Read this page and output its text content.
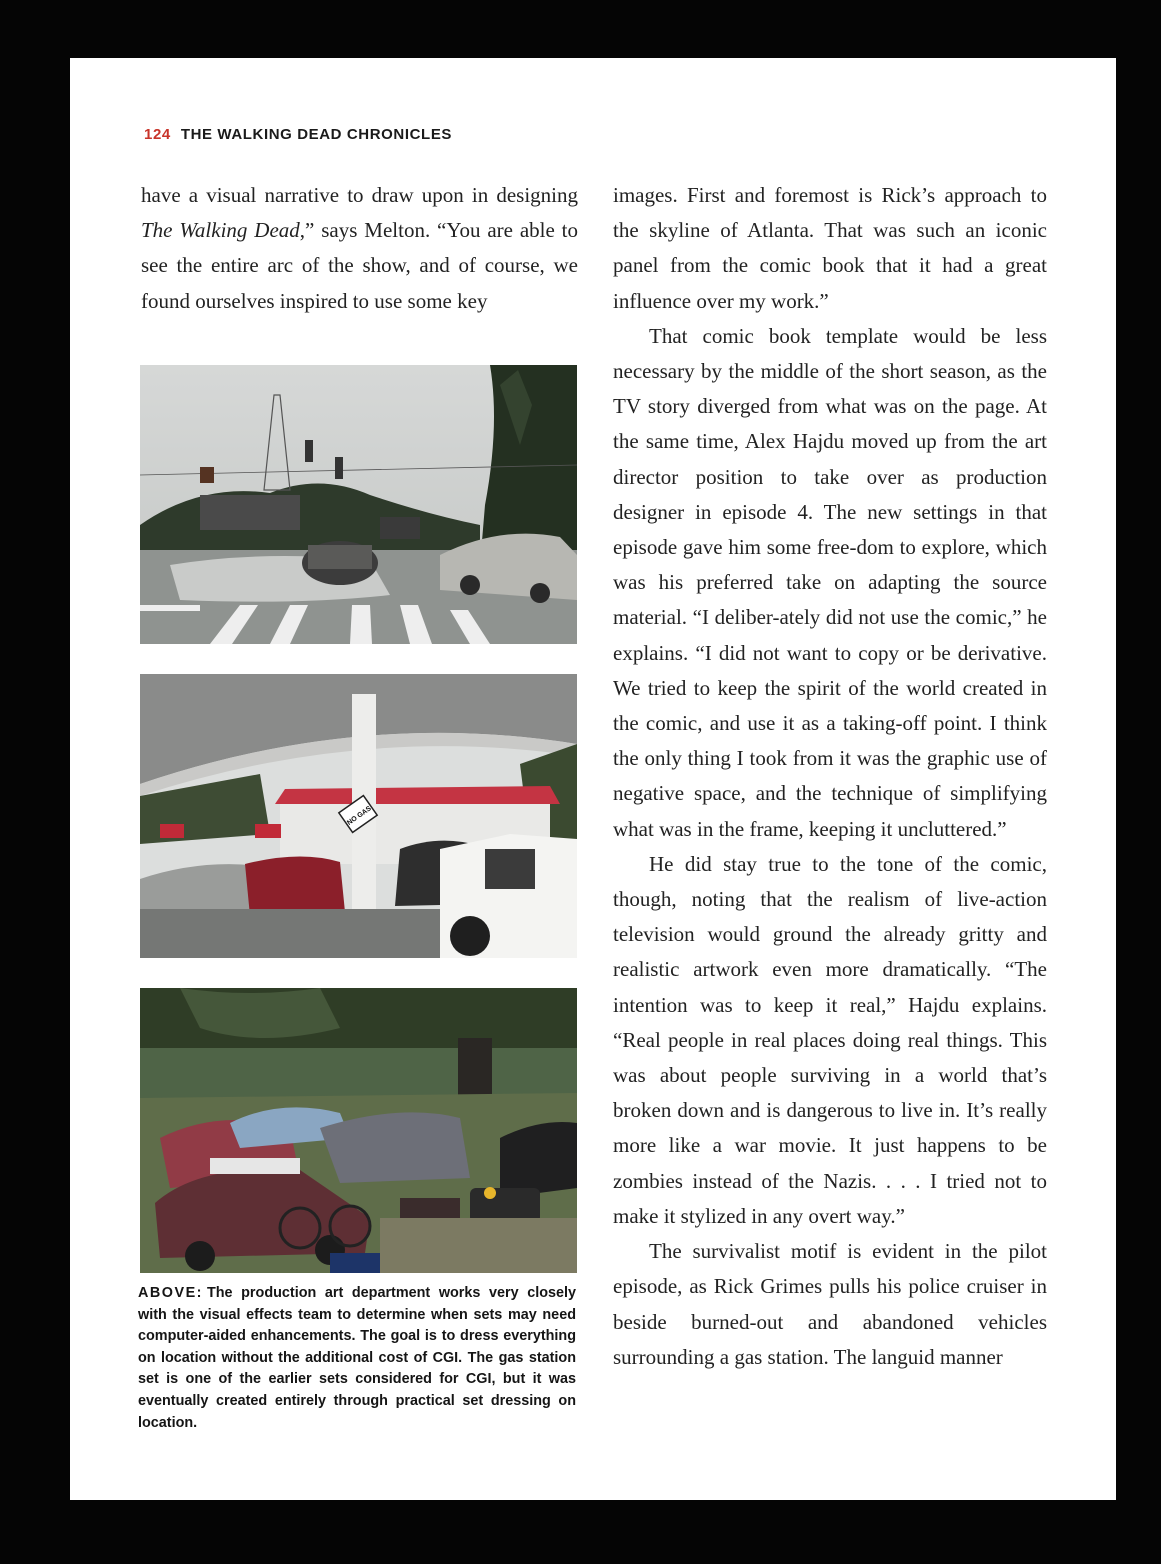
124 THE WALKING DEAD CHRONICLES

have a visual narrative to draw upon in designing The Walking Dead,” says Melton. “You are able to see the entire arc of the show, and of course, we found ourselves inspired to use some key

NO GAS
ABOVE: The production art department works very closely with the visual effects team to determine when sets may need computer-aided enhancements. The goal is to dress everything on location without the additional cost of CGI. The gas station set is one of the earlier sets considered for CGI, but it was eventually created entirely through practical set dressing on location.

images. First and foremost is Rick’s approach to the skyline of Atlanta. That was such an iconic panel from the comic book that it had a great influence over my work.”

That comic book template would be less necessary by the middle of the short season, as the TV story diverged from what was on the page. At the same time, Alex Hajdu moved up from the art director position to take over as production designer in episode 4. The new settings in that episode gave him some free-dom to explore, which was his preferred take on adapting the source material. “I deliber-ately did not use the comic,” he explains. “I did not want to copy or be derivative. We tried to keep the spirit of the world created in the comic, and use it as a taking-off point. I think the only thing I took from it was the graphic use of negative space, and the technique of simplifying what was in the frame, keeping it uncluttered.”

He did stay true to the tone of the comic, though, noting that the realism of live-action television would ground the already gritty and realistic artwork even more dramatically. “The intention was to keep it real,” Hajdu explains. “Real people in real places doing real things. This was about people surviving in a world that’s broken down and is dangerous to live in. It’s really more like a war movie. It just happens to be zombies instead of the Nazis. . . . I tried not to make it stylized in any overt way.”

The survivalist motif is evident in the pilot episode, as Rick Grimes pulls his police cruiser in beside burned-out and abandoned vehicles surrounding a gas station. The languid manner
